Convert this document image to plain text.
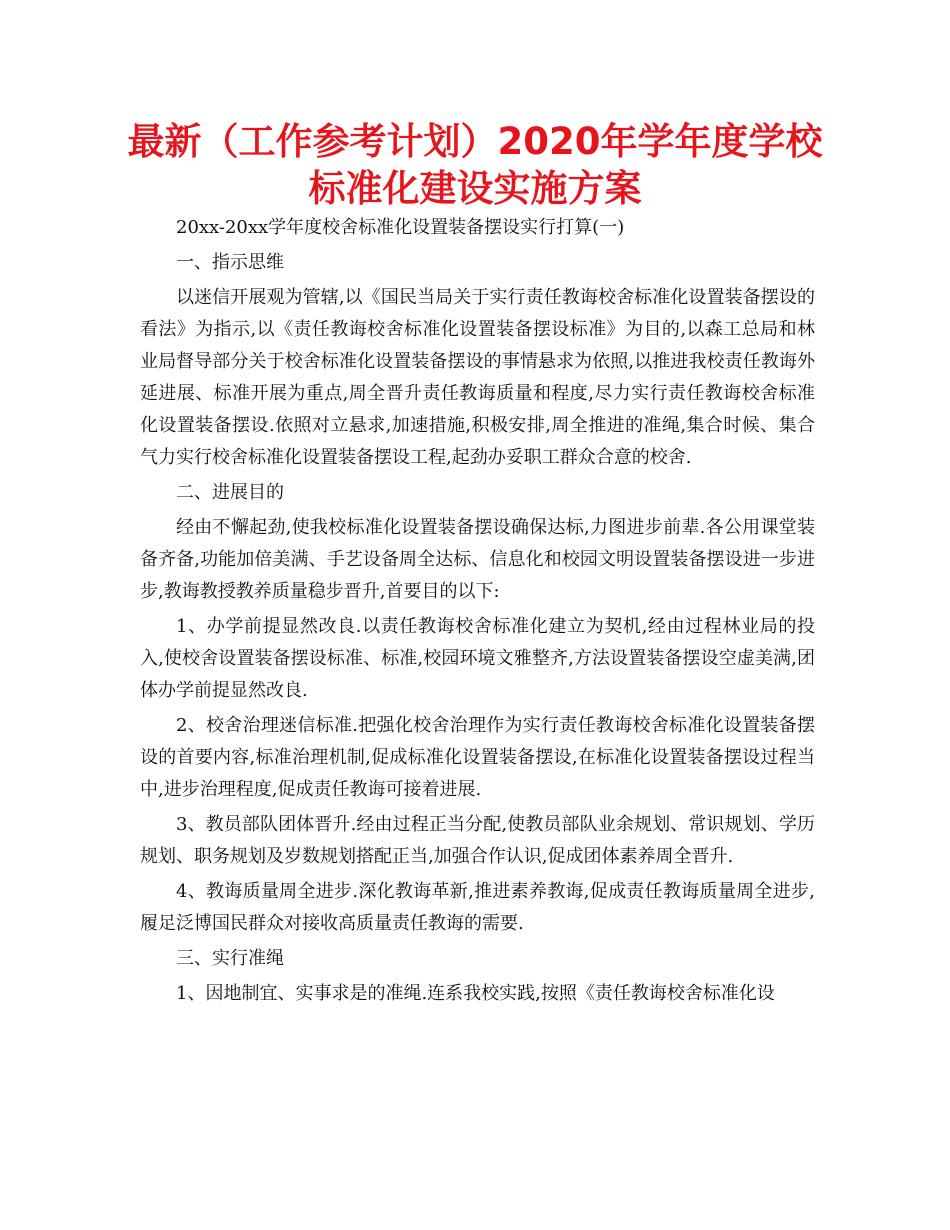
最新（工作参考计划）2020年学年度学校标准化建设实施方案

20xx-20xx学年度校舍标准化设置装备摆设实行打算(一)

一、指示思维

以迷信开展观为管辖,以《国民当局关于实行责任教诲校舍标准化设置装备摆设的看法》为指示,以《责任教诲校舍标准化设置装备摆设标准》为目的,以森工总局和林业局督导部分关于校舍标准化设置装备摆设的事情悬求为依照,以推进我校责任教诲外延进展、标准开展为重点,周全晋升责任教诲质量和程度,尽力实行责任教诲校舍标准化设置装备摆设.依照对立悬求,加速措施,积极安排,周全推进的准绳,集合时候、集合气力实行校舍标准化设置装备摆设工程,起劲办妥职工群众合意的校舍.

二、进展目的

经由不懈起劲,使我校标准化设置装备摆设确保达标,力图进步前辈.各公用课堂装备齐备,功能加倍美满、手艺设备周全达标、信息化和校园文明设置装备摆设进一步进步,教诲教授教养质量稳步晋升,首要目的以下:

1、办学前提显然改良.以责任教诲校舍标准化建立为契机,经由过程林业局的投入,使校舍设置装备摆设标准、标准,校园环境文雅整齐,方法设置装备摆设空虚美满,团体办学前提显然改良.

2、校舍治理迷信标准.把强化校舍治理作为实行责任教诲校舍标准化设置装备摆设的首要内容,标准治理机制,促成标准化设置装备摆设,在标准化设置装备摆设过程当中,进步治理程度,促成责任教诲可接着进展.

3、教员部队团体晋升.经由过程正当分配,使教员部队业余规划、常识规划、学历规划、职务规划及岁数规划搭配正当,加强合作认识,促成团体素养周全晋升.

4、教诲质量周全进步.深化教诲革新,推进素养教诲,促成责任教诲质量周全进步,履足泛博国民群众对接收高质量责任教诲的需要.

三、实行准绳

1、因地制宜、实事求是的准绳.连系我校实践,按照《责任教诲校舍标准化设
